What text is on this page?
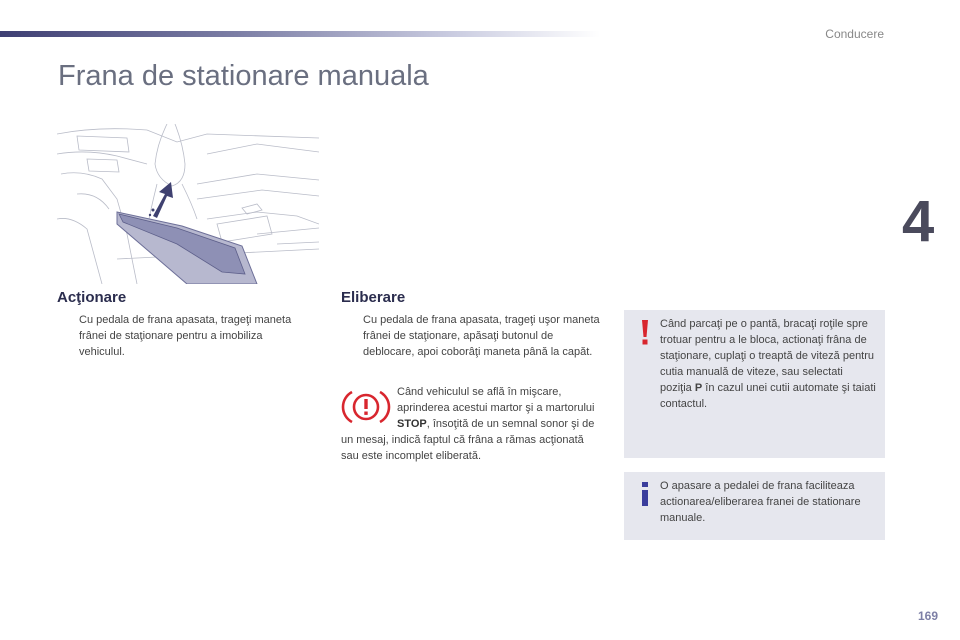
Conducere
4
Frana de stationare manuala
Acţionare
Cu pedala de frana apasata, trageţi maneta frânei de staţionare pentru a imobiliza vehiculul.
Eliberare
Cu pedala de frana apasata, trageţi uşor maneta frânei de staţionare, apăsaţi butonul de deblocare, apoi coborâţi maneta până la capăt.
Când vehiculul se află în mişcare, aprinderea acestui martor şi a martorului STOP, însoţită de un semnal sonor şi de un mesaj, indică faptul că frâna a rămas acţionată sau este incomplet eliberată.
Când parcaţi pe o pantă, bracaţi roţile spre trotuar pentru a le bloca, actionaţi frâna de staţionare, cuplaţi o treaptă de viteză pentru cutia manuală de viteze, sau selectati poziţia P în cazul unei cutii automate şi taiati contactul.
O apasare a pedalei de frana faciliteaza actionarea/eliberarea franei de stationare manuale.
169
